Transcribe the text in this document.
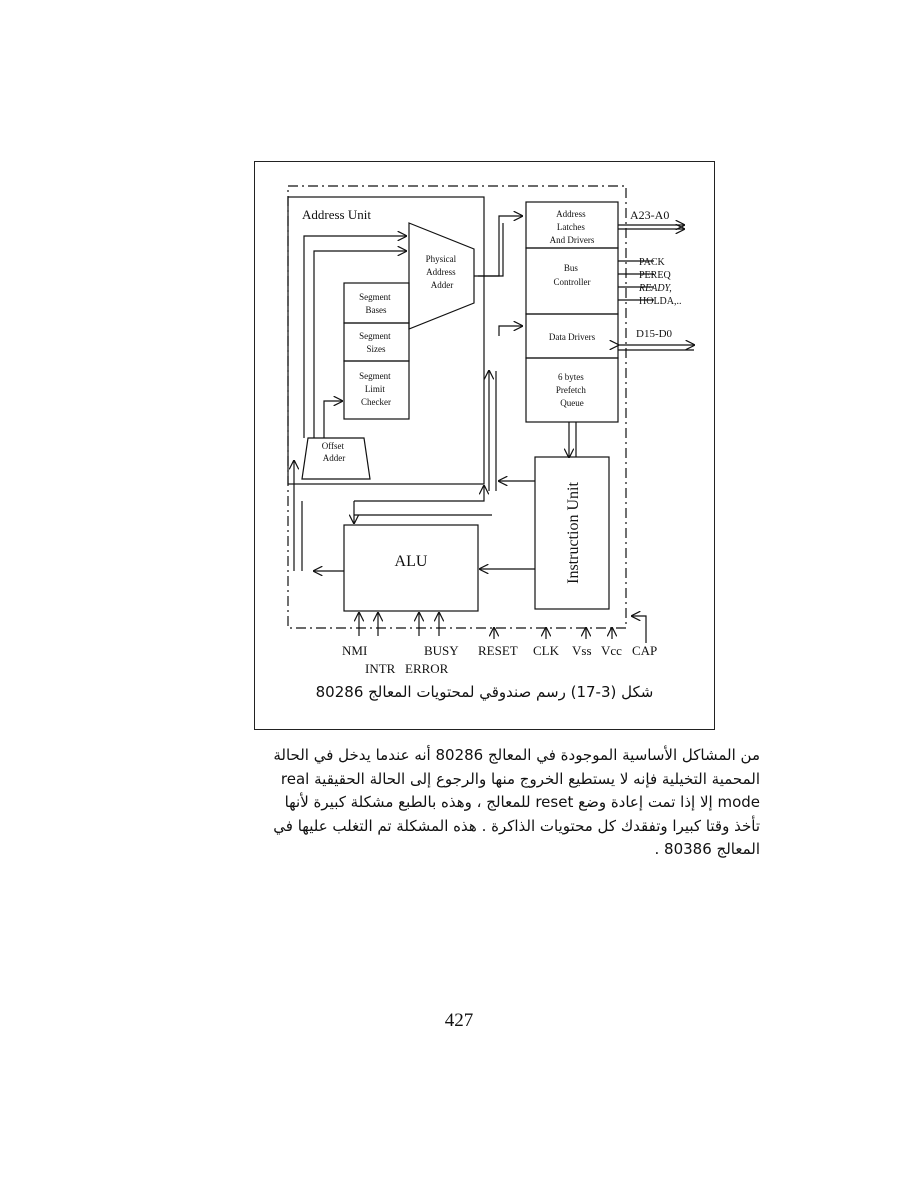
Address Unit
Physical Address Adder
Segment Bases
Segment Sizes
Segment Limit Checker
Offset Adder
Address Latches And Drivers
Bus Controller
Data Drivers
6 bytes Prefetch Queue
ALU	Instruction Unit
A23-A0
D15-D0
PACK
PEREQ
READY,
HOLDA,..
NMI	BUSY RESET CLK Vss Vcc CAP
INTR ERROR
شكل (3-17) رسم صندوقي لمحتويات المعالج 80286

من المشاكل الأساسية الموجودة في المعالج 80286 أنه عندما يدخل في الحالة

المحمية التخيلية فإنه لا يستطيع الخروج منها والرجوع إلى الحالة الحقيقية real

mode إلا إذا تمت إعادة وضع reset للمعالج ، وهذه بالطبع مشكلة كبيرة لأنها

تأخذ وقتا كبيرا وتفقدك كل محتويات الذاكرة . هذه المشكلة تم التغلب عليها في

المعالج 80386 .

427
